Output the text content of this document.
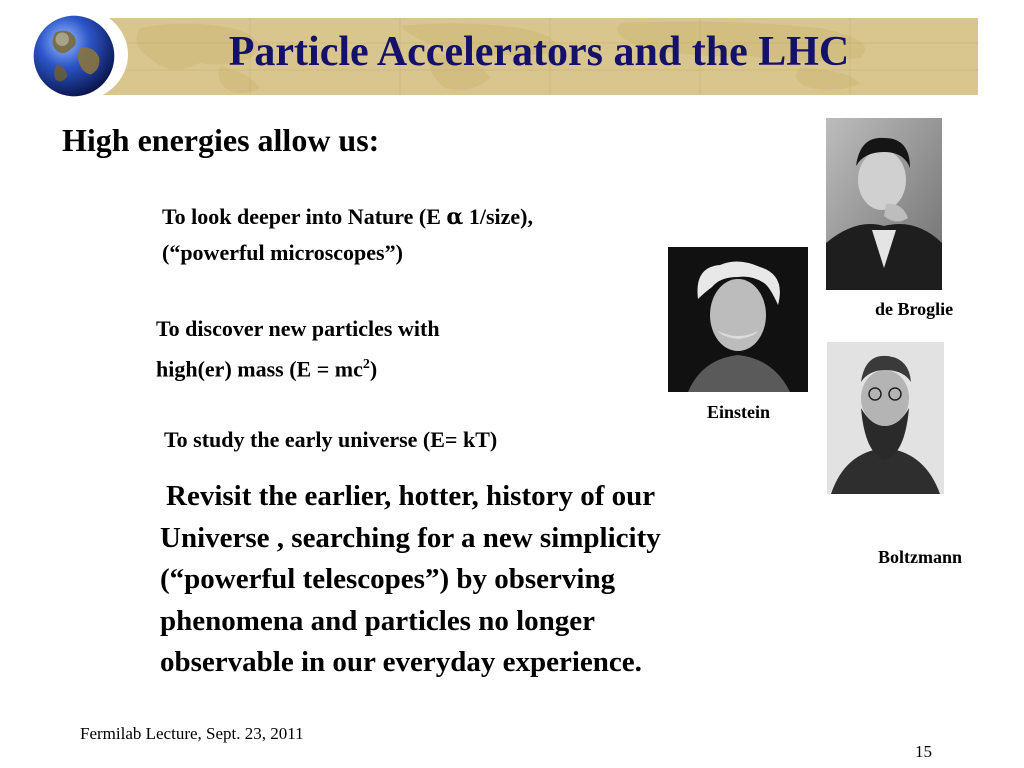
Particle Accelerators and the LHC
High energies allow us:
To look deeper into Nature (E α 1/size),
(“powerful microscopes”)
To discover new particles with
high(er) mass $(E = mc^2)$
To study the early universe (E= kT)
Revisit the earlier, hotter, history of our
Universe , searching for a new simplicity
(“powerful telescopes”) by observing
phenomena and particles no longer
observable in our everyday experience.
de Broglie
Einstein
Boltzmann
Fermilab Lecture, Sept. 23, 2011
15
